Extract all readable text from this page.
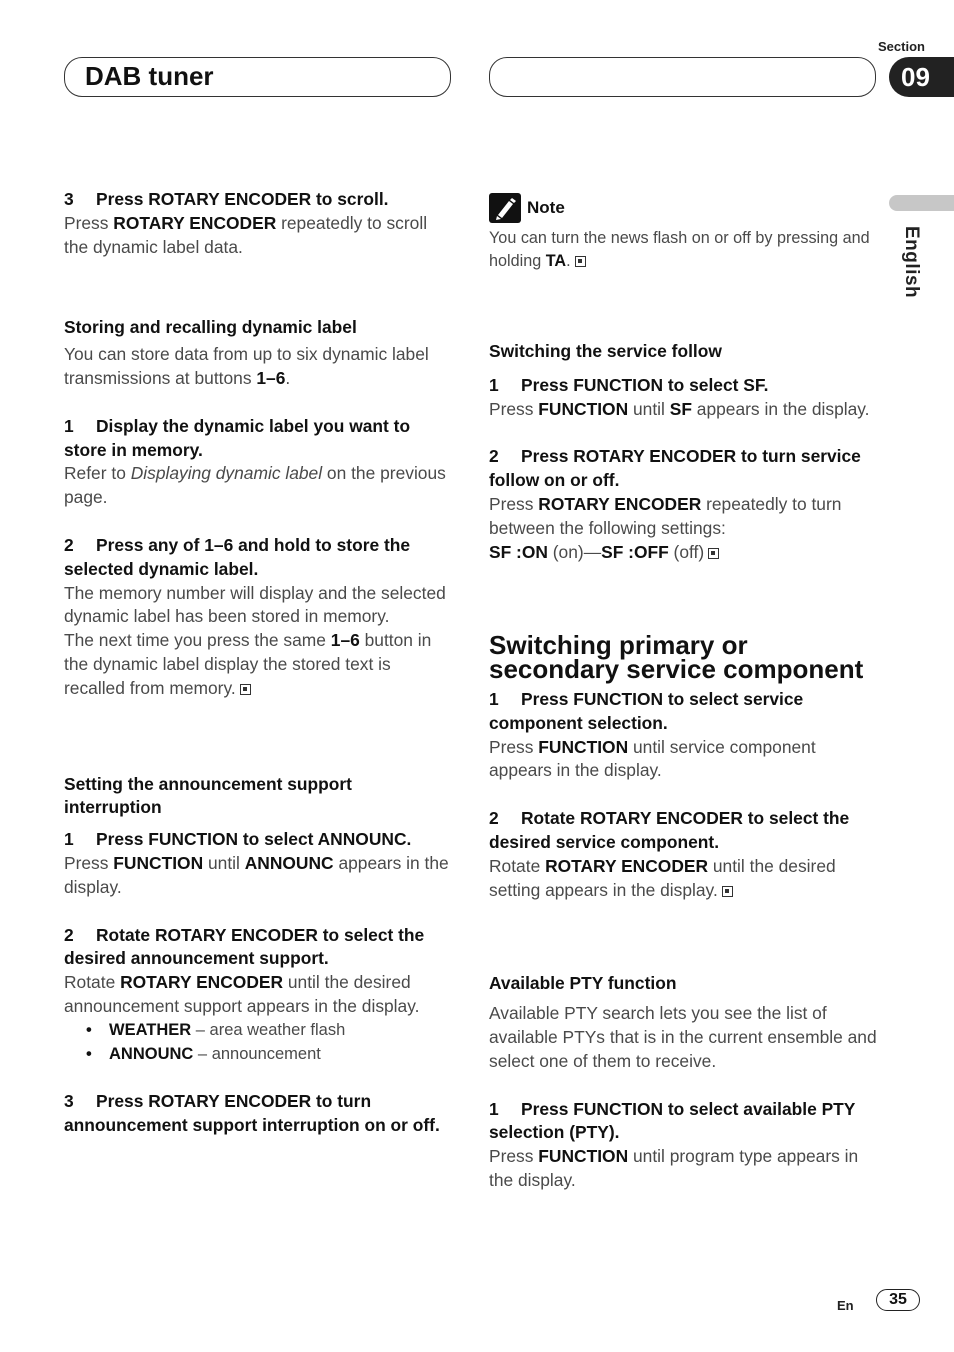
DAB tuner
Section
09
English

3 Press ROTARY ENCODER to scroll.

Press ROTARY ENCODER repeatedly to scroll the dynamic label data.

Storing and recalling dynamic label

You can store data from up to six dynamic label transmissions at buttons 1–6.

1 Display the dynamic label you want to store in memory.

Refer to Displaying dynamic label on the previous page.

2 Press any of 1–6 and hold to store the selected dynamic label.

The memory number will display and the selected dynamic label has been stored in memory.

The next time you press the same 1–6 button in the dynamic label display the stored text is recalled from memory.

Setting the announcement support interruption

1 Press FUNCTION to select ANNOUNC.

Press FUNCTION until ANNOUNC appears in the display.

2 Rotate ROTARY ENCODER to select the desired announcement support.

Rotate ROTARY ENCODER until the desired announcement support appears in the display.

• WEATHER – area weather flash
• ANNOUNC – announcement

3 Press ROTARY ENCODER to turn announcement support interruption on or off.

Note

You can turn the news flash on or off by pressing and holding TA.

Switching the service follow

1 Press FUNCTION to select SF.

Press FUNCTION until SF appears in the display.

2 Press ROTARY ENCODER to turn service follow on or off.

Press ROTARY ENCODER repeatedly to turn between the following settings:

SF :ON (on)—SF :OFF (off)

Switching primary or secondary service component

1 Press FUNCTION to select service component selection.

Press FUNCTION until service component appears in the display.

2 Rotate ROTARY ENCODER to select the desired service component.

Rotate ROTARY ENCODER until the desired setting appears in the display.

Available PTY function

Available PTY search lets you see the list of available PTYs that is in the current ensemble and select one of them to receive.

1 Press FUNCTION to select available PTY selection (PTY).

Press FUNCTION until program type appears in the display.

En	35
